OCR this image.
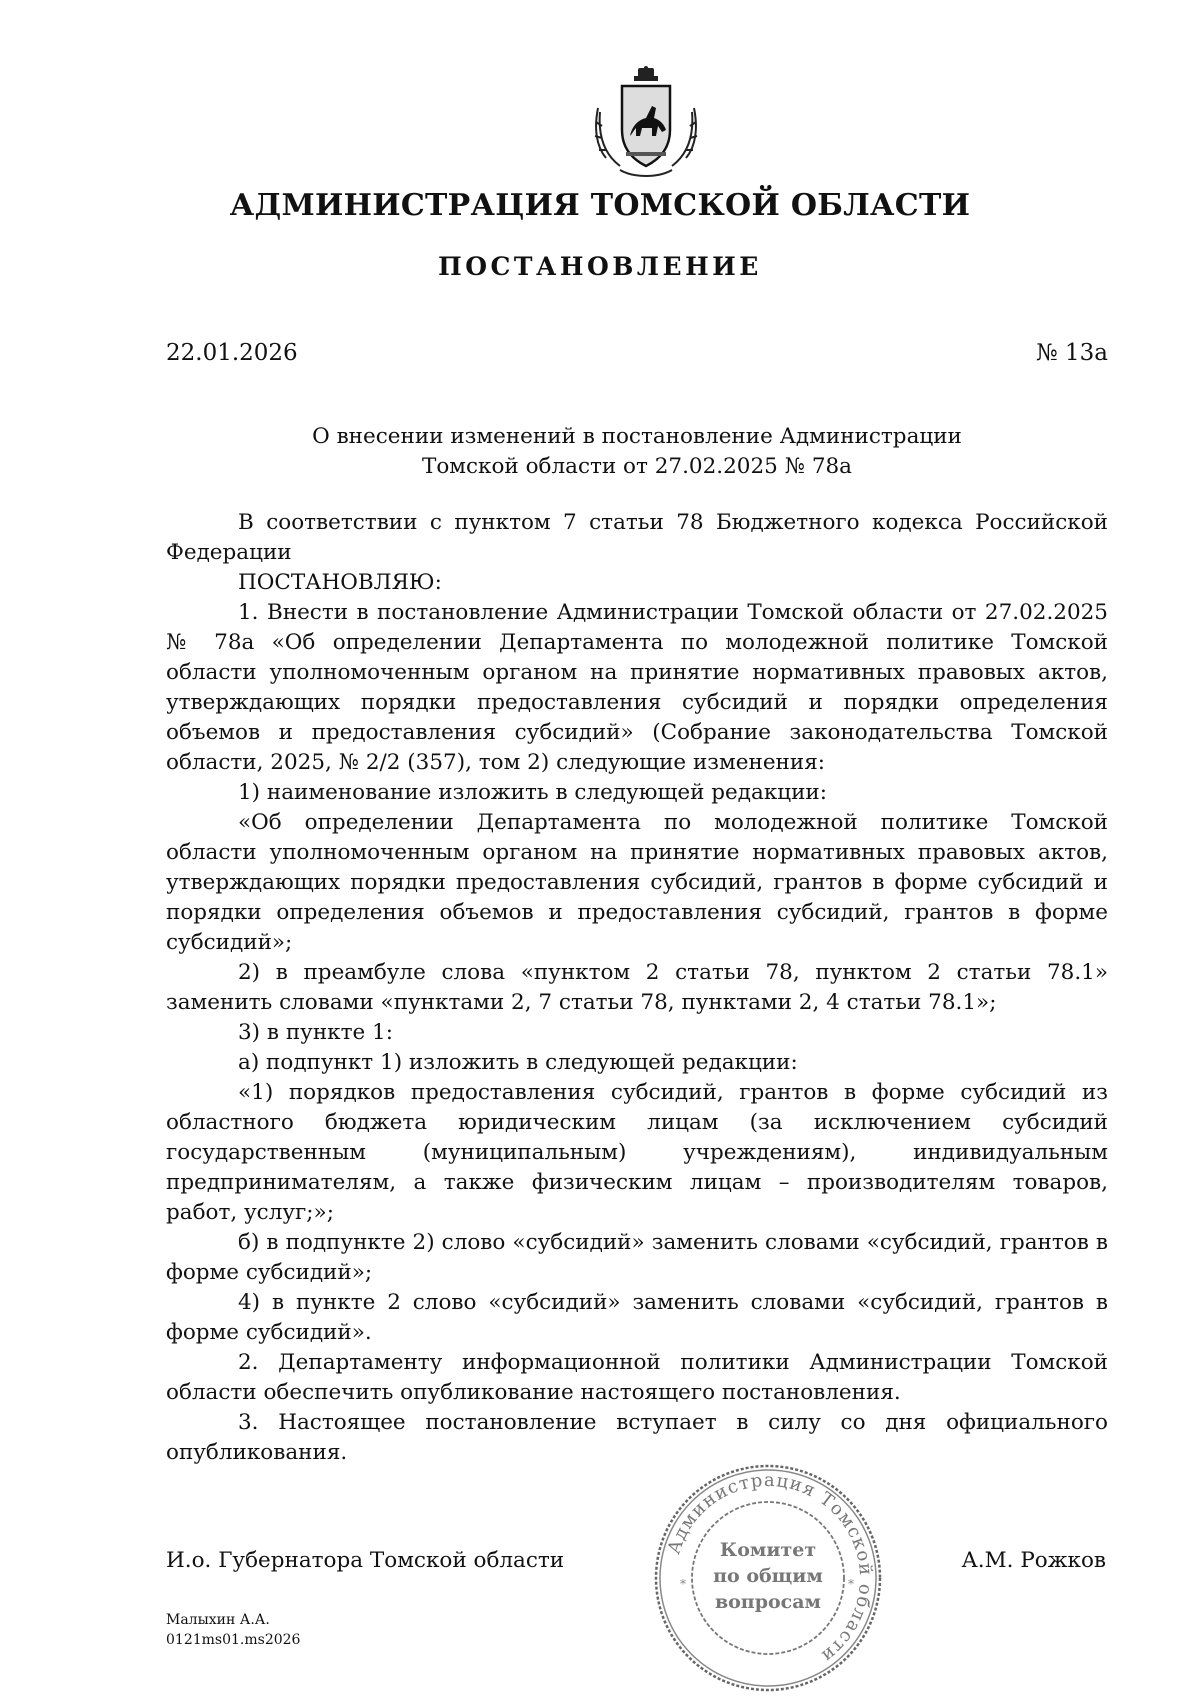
АДМИНИСТРАЦИЯ ТОМСКОЙ ОБЛАСТИ
ПОСТАНОВЛЕНИЕ
22.01.2026	№ 13а
О внесении изменений в постановление Администрации
Томской области от 27.02.2025 № 78а

В соответствии с пунктом 7 статьи 78 Бюджетного кодекса Российской Федерации

ПОСТАНОВЛЯЮ:

1. Внести в постановление Администрации Томской области от 27.02.2025 № 78а «Об определении Департамента по молодежной политике Томской области уполномоченным органом на принятие нормативных правовых актов, утверждающих порядки предоставления субсидий и порядки определения объемов и предоставления субсидий» (Собрание законодательства Томской области, 2025, № 2/2 (357), том 2) следующие изменения:

1) наименование изложить в следующей редакции:

«Об определении Департамента по молодежной политике Томской области уполномоченным органом на принятие нормативных правовых актов, утверждающих порядки предоставления субсидий, грантов в форме субсидий и порядки определения объемов и предоставления субсидий, грантов в форме субсидий»;

2) в преамбуле слова «пунктом 2 статьи 78, пунктом 2 статьи 78.1» заменить словами «пунктами 2, 7 статьи 78, пунктами 2, 4 статьи 78.1»;

3) в пункте 1:

а) подпункт 1) изложить в следующей редакции:

«1) порядков предоставления субсидий, грантов в форме субсидий из областного бюджета юридическим лицам (за исключением субсидий государственным (муниципальным) учреждениям), индивидуальным предпринимателям, а также физическим лицам – производителям товаров, работ, услуг;»;

б) в подпункте 2) слово «субсидий» заменить словами «субсидий, грантов в форме субсидий»;

4) в пункте 2 слово «субсидий» заменить словами «субсидий, грантов в форме субсидий».

2. Департаменту информационной политики Администрации Томской области обеспечить опубликование настоящего постановления.

3. Настоящее постановление вступает в силу со дня официального опубликования.

И.о. Губернатора Томской области	А.М. Рожков
Малыхин А.А.
0121ms01.ms2026
Администрация Томской области
Комитет
по общим
вопросам
*	*
